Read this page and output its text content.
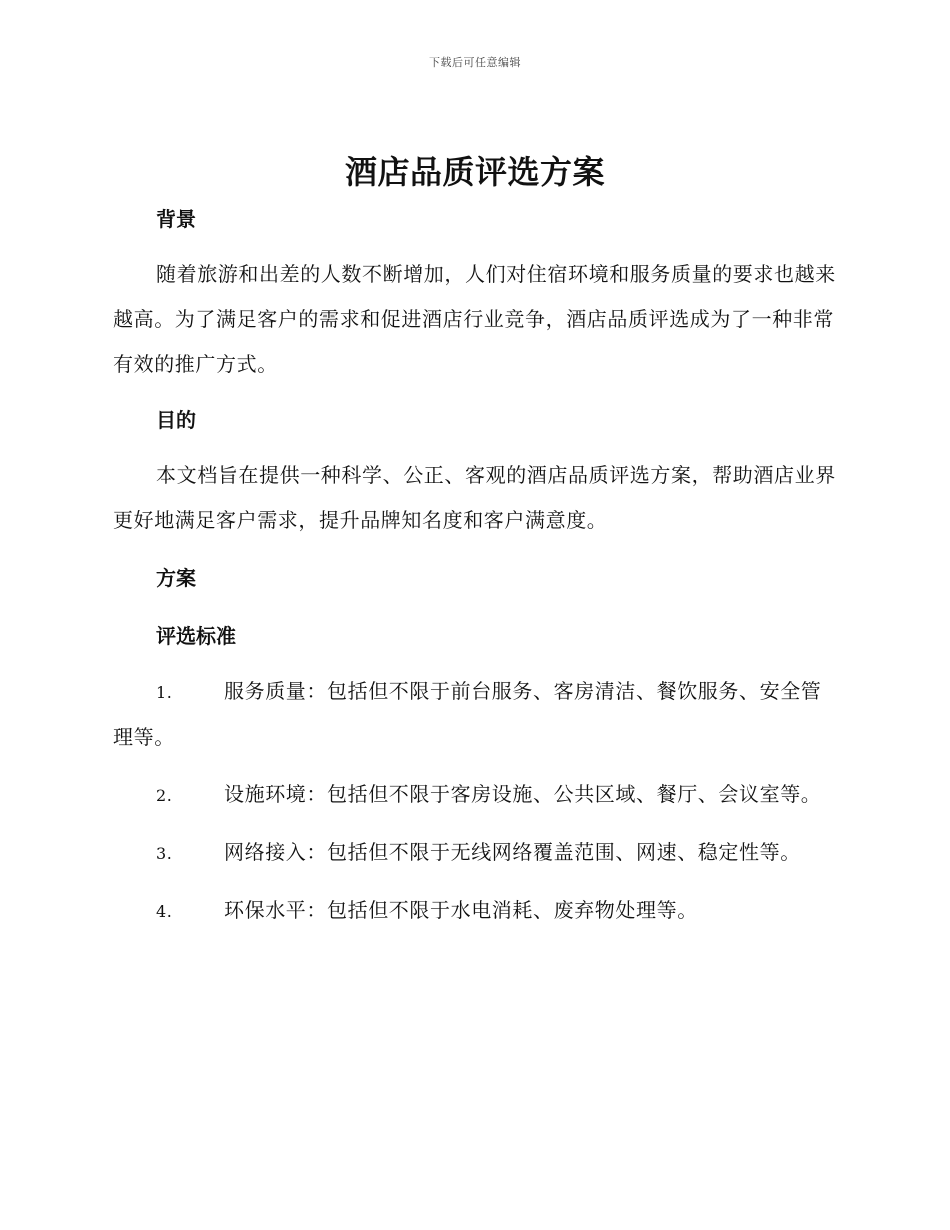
下载后可任意编辑
酒店品质评选方案
背景

随着旅游和出差的人数不断增加，人们对住宿环境和服务质量的要求也越来越高。为了满足客户的需求和促进酒店行业竞争，酒店品质评选成为了一种非常有效的推广方式。

目的

本文档旨在提供一种科学、公正、客观的酒店品质评选方案，帮助酒店业界更好地满足客户需求，提升品牌知名度和客户满意度。

方案
评选标准

1.	服务质量：包括但不限于前台服务、客房清洁、餐饮服务、安全管理等。

2.	设施环境：包括但不限于客房设施、公共区域、餐厅、会议室等。

3.	网络接入：包括但不限于无线网络覆盖范围、网速、稳定性等。

4.	环保水平：包括但不限于水电消耗、废弃物处理等。
